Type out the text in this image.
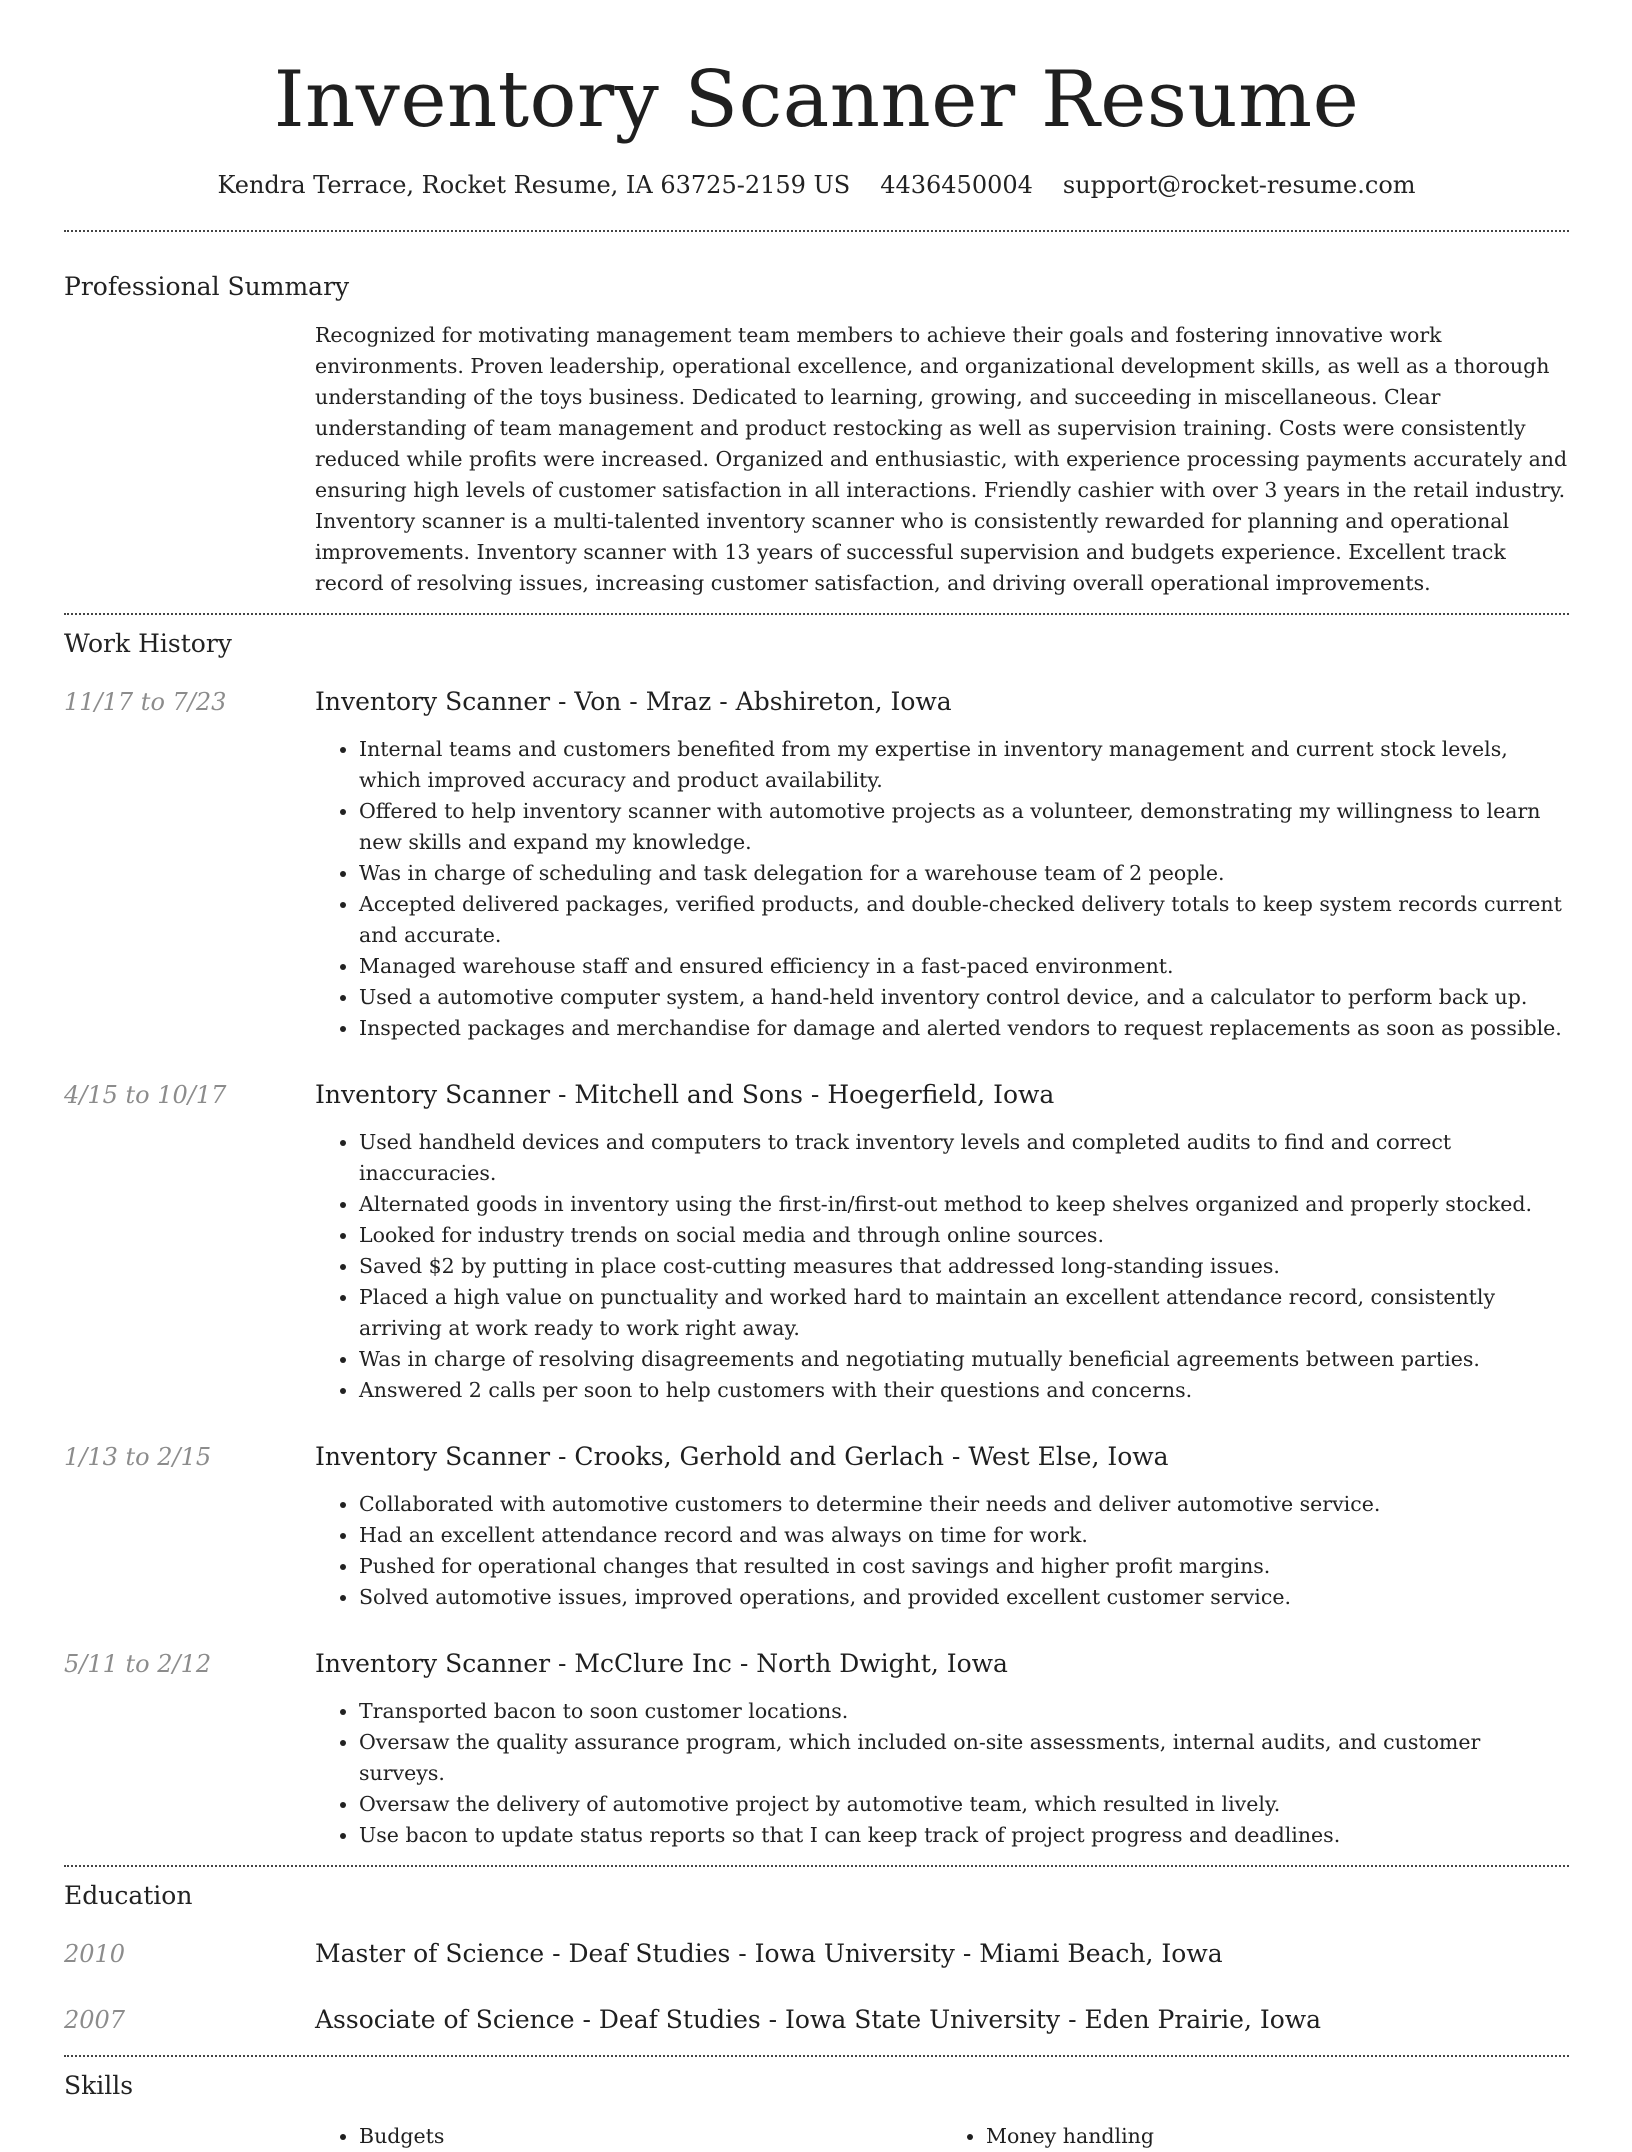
Inventory Scanner Resume
Kendra Terrace, Rocket Resume, IA 63725-2159 US 4436450004 support@rocket-resume.com
Professional Summary

Recognized for motivating management team members to achieve their goals and fostering innovative work environments. Proven leadership, operational excellence, and organizational development skills, as well as a thorough understanding of the toys business. Dedicated to learning, growing, and succeeding in miscellaneous. Clear understanding of team management and product restocking as well as supervision training. Costs were consistently reduced while profits were increased. Organized and enthusiastic, with experience processing payments accurately and ensuring high levels of customer satisfaction in all interactions. Friendly cashier with over 3 years in the retail industry. Inventory scanner is a multi-talented inventory scanner who is consistently rewarded for planning and operational improvements. Inventory scanner with 13 years of successful supervision and budgets experience. Excellent track record of resolving issues, increasing customer satisfaction, and driving overall operational improvements.

Work History
11/17 to 7/23	Inventory Scanner - Von - Mraz - Abshireton, Iowa
• Internal teams and customers benefited from my expertise in inventory management and current stock levels, which improved accuracy and product availability.
• Offered to help inventory scanner with automotive projects as a volunteer, demonstrating my willingness to learn new skills and expand my knowledge.
• Was in charge of scheduling and task delegation for a warehouse team of 2 people.
• Accepted delivered packages, verified products, and double-checked delivery totals to keep system records current and accurate.
• Managed warehouse staff and ensured efficiency in a fast-paced environment.
• Used a automotive computer system, a hand-held inventory control device, and a calculator to perform back up.
• Inspected packages and merchandise for damage and alerted vendors to request replacements as soon as possible.
4/15 to 10/17	Inventory Scanner - Mitchell and Sons - Hoegerfield, Iowa
• Used handheld devices and computers to track inventory levels and completed audits to find and correct inaccuracies.
• Alternated goods in inventory using the first-in/first-out method to keep shelves organized and properly stocked.
• Looked for industry trends on social media and through online sources.
• Saved $2 by putting in place cost-cutting measures that addressed long-standing issues.
• Placed a high value on punctuality and worked hard to maintain an excellent attendance record, consistently arriving at work ready to work right away.
• Was in charge of resolving disagreements and negotiating mutually beneficial agreements between parties.
• Answered 2 calls per soon to help customers with their questions and concerns.
1/13 to 2/15	Inventory Scanner - Crooks, Gerhold and Gerlach - West Else, Iowa
• Collaborated with automotive customers to determine their needs and deliver automotive service.
• Had an excellent attendance record and was always on time for work.
• Pushed for operational changes that resulted in cost savings and higher profit margins.
• Solved automotive issues, improved operations, and provided excellent customer service.
5/11 to 2/12	Inventory Scanner - McClure Inc - North Dwight, Iowa
• Transported bacon to soon customer locations.
• Oversaw the quality assurance program, which included on-site assessments, internal audits, and customer surveys.
• Oversaw the delivery of automotive project by automotive team, which resulted in lively.
• Use bacon to update status reports so that I can keep track of project progress and deadlines.
Education
2010	Master of Science - Deaf Studies - Iowa University - Miami Beach, Iowa
2007	Associate of Science - Deaf Studies - Iowa State University - Eden Prairie, Iowa
Skills
• Budgets
•	Money handling
